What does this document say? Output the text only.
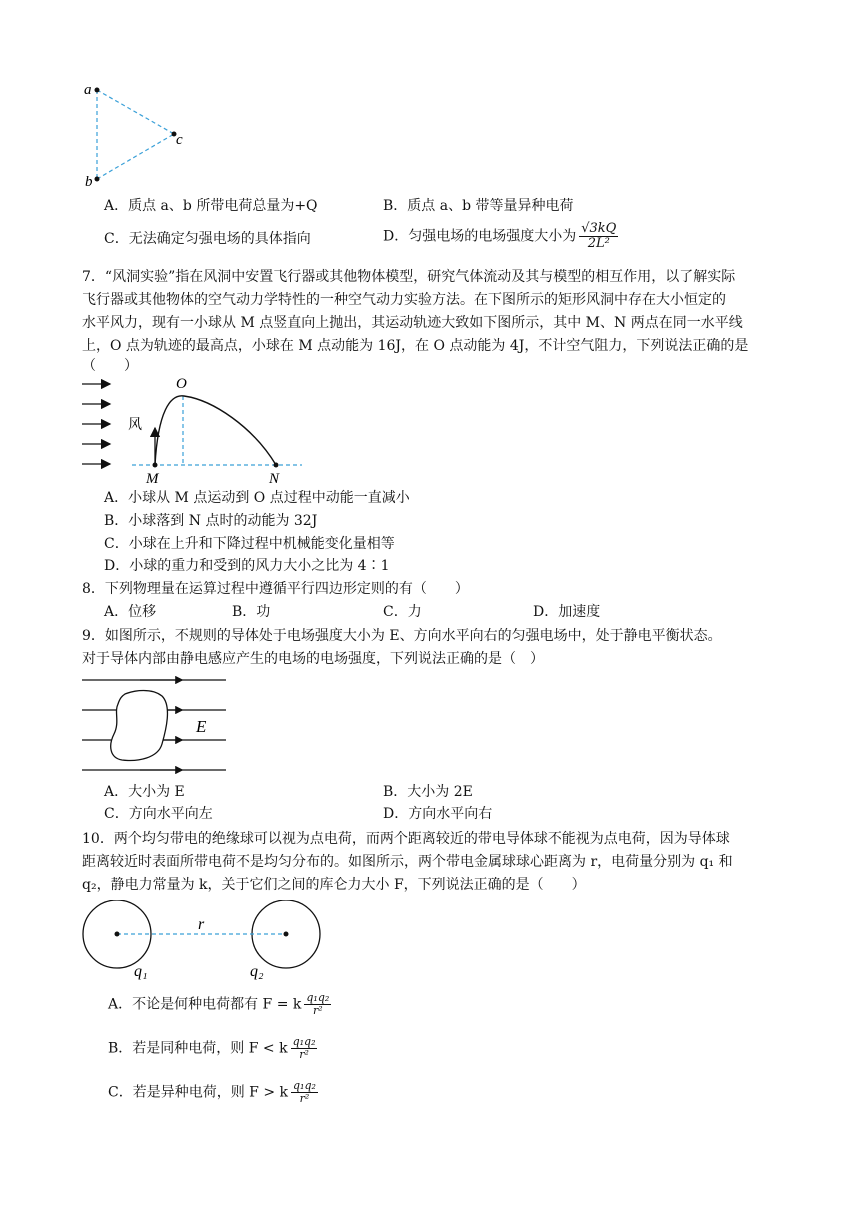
a
b
c
A．质点 a、b 所带电荷总量为+Q	B．质点 a、b 带等量异种电荷
C．无法确定匀强电场的具体指向	D．匀强电场的电场强度大小为 $\frac{√3kQ}{\text{2L²}}$
7．“风洞实验”指在风洞中安置飞行器或其他物体模型，研究气体流动及其与模型的相互作用，以了解实际
飞行器或其他物体的空气动力学特性的一种空气动力实验方法。在下图所示的矩形风洞中存在大小恒定的
水平风力，现有一小球从 M 点竖直向上抛出，其运动轨迹大致如下图所示，其中 M、N 两点在同一水平线
上，O 点为轨迹的最高点，小球在 M 点动能为 16J，在 O 点动能为 4J，不计空气阻力，下列说法正确的是
（　　）
风
O
M	N
A．小球从 M 点运动到 O 点过程中动能一直减小
B．小球落到 N 点时的动能为 32J
C．小球在上升和下降过程中机械能变化量相等
D．小球的重力和受到的风力大小之比为 4∶1
8．下列物理量在运算过程中遵循平行四边形定则的有（　　）
A．位移	B．功	C．力	D．加速度
9．如图所示，不规则的导体处于电场强度大小为 E、方向水平向右的匀强电场中，处于静电平衡状态。
对于导体内部由静电感应产生的电场的电场强度，下列说法正确的是（　）
E
A．大小为 E	B．大小为 2E
C．方向水平向左	D．方向水平向右
10．两个均匀带电的绝缘球可以视为点电荷，而两个距离较近的带电导体球不能视为点电荷，因为导体球
距离较近时表面所带电荷不是均匀分布的。如图所示，两个带电金属球球心距离为 r，电荷量分别为 q₁ 和
q₂，静电力常量为 k，关于它们之间的库仑力大小 F，下列说法正确的是（　　）
r
q₁	q₂
A．不论是何种电荷都有 F = k $\frac{\text{q₁q₂}}{\text{r²}}$
B．若是同种电荷，则 F < k $\frac{\text{q₁q₂}}{\text{r²}}$
C．若是异种电荷，则 F > k $\frac{\text{q₁q₂}}{\text{r²}}$
